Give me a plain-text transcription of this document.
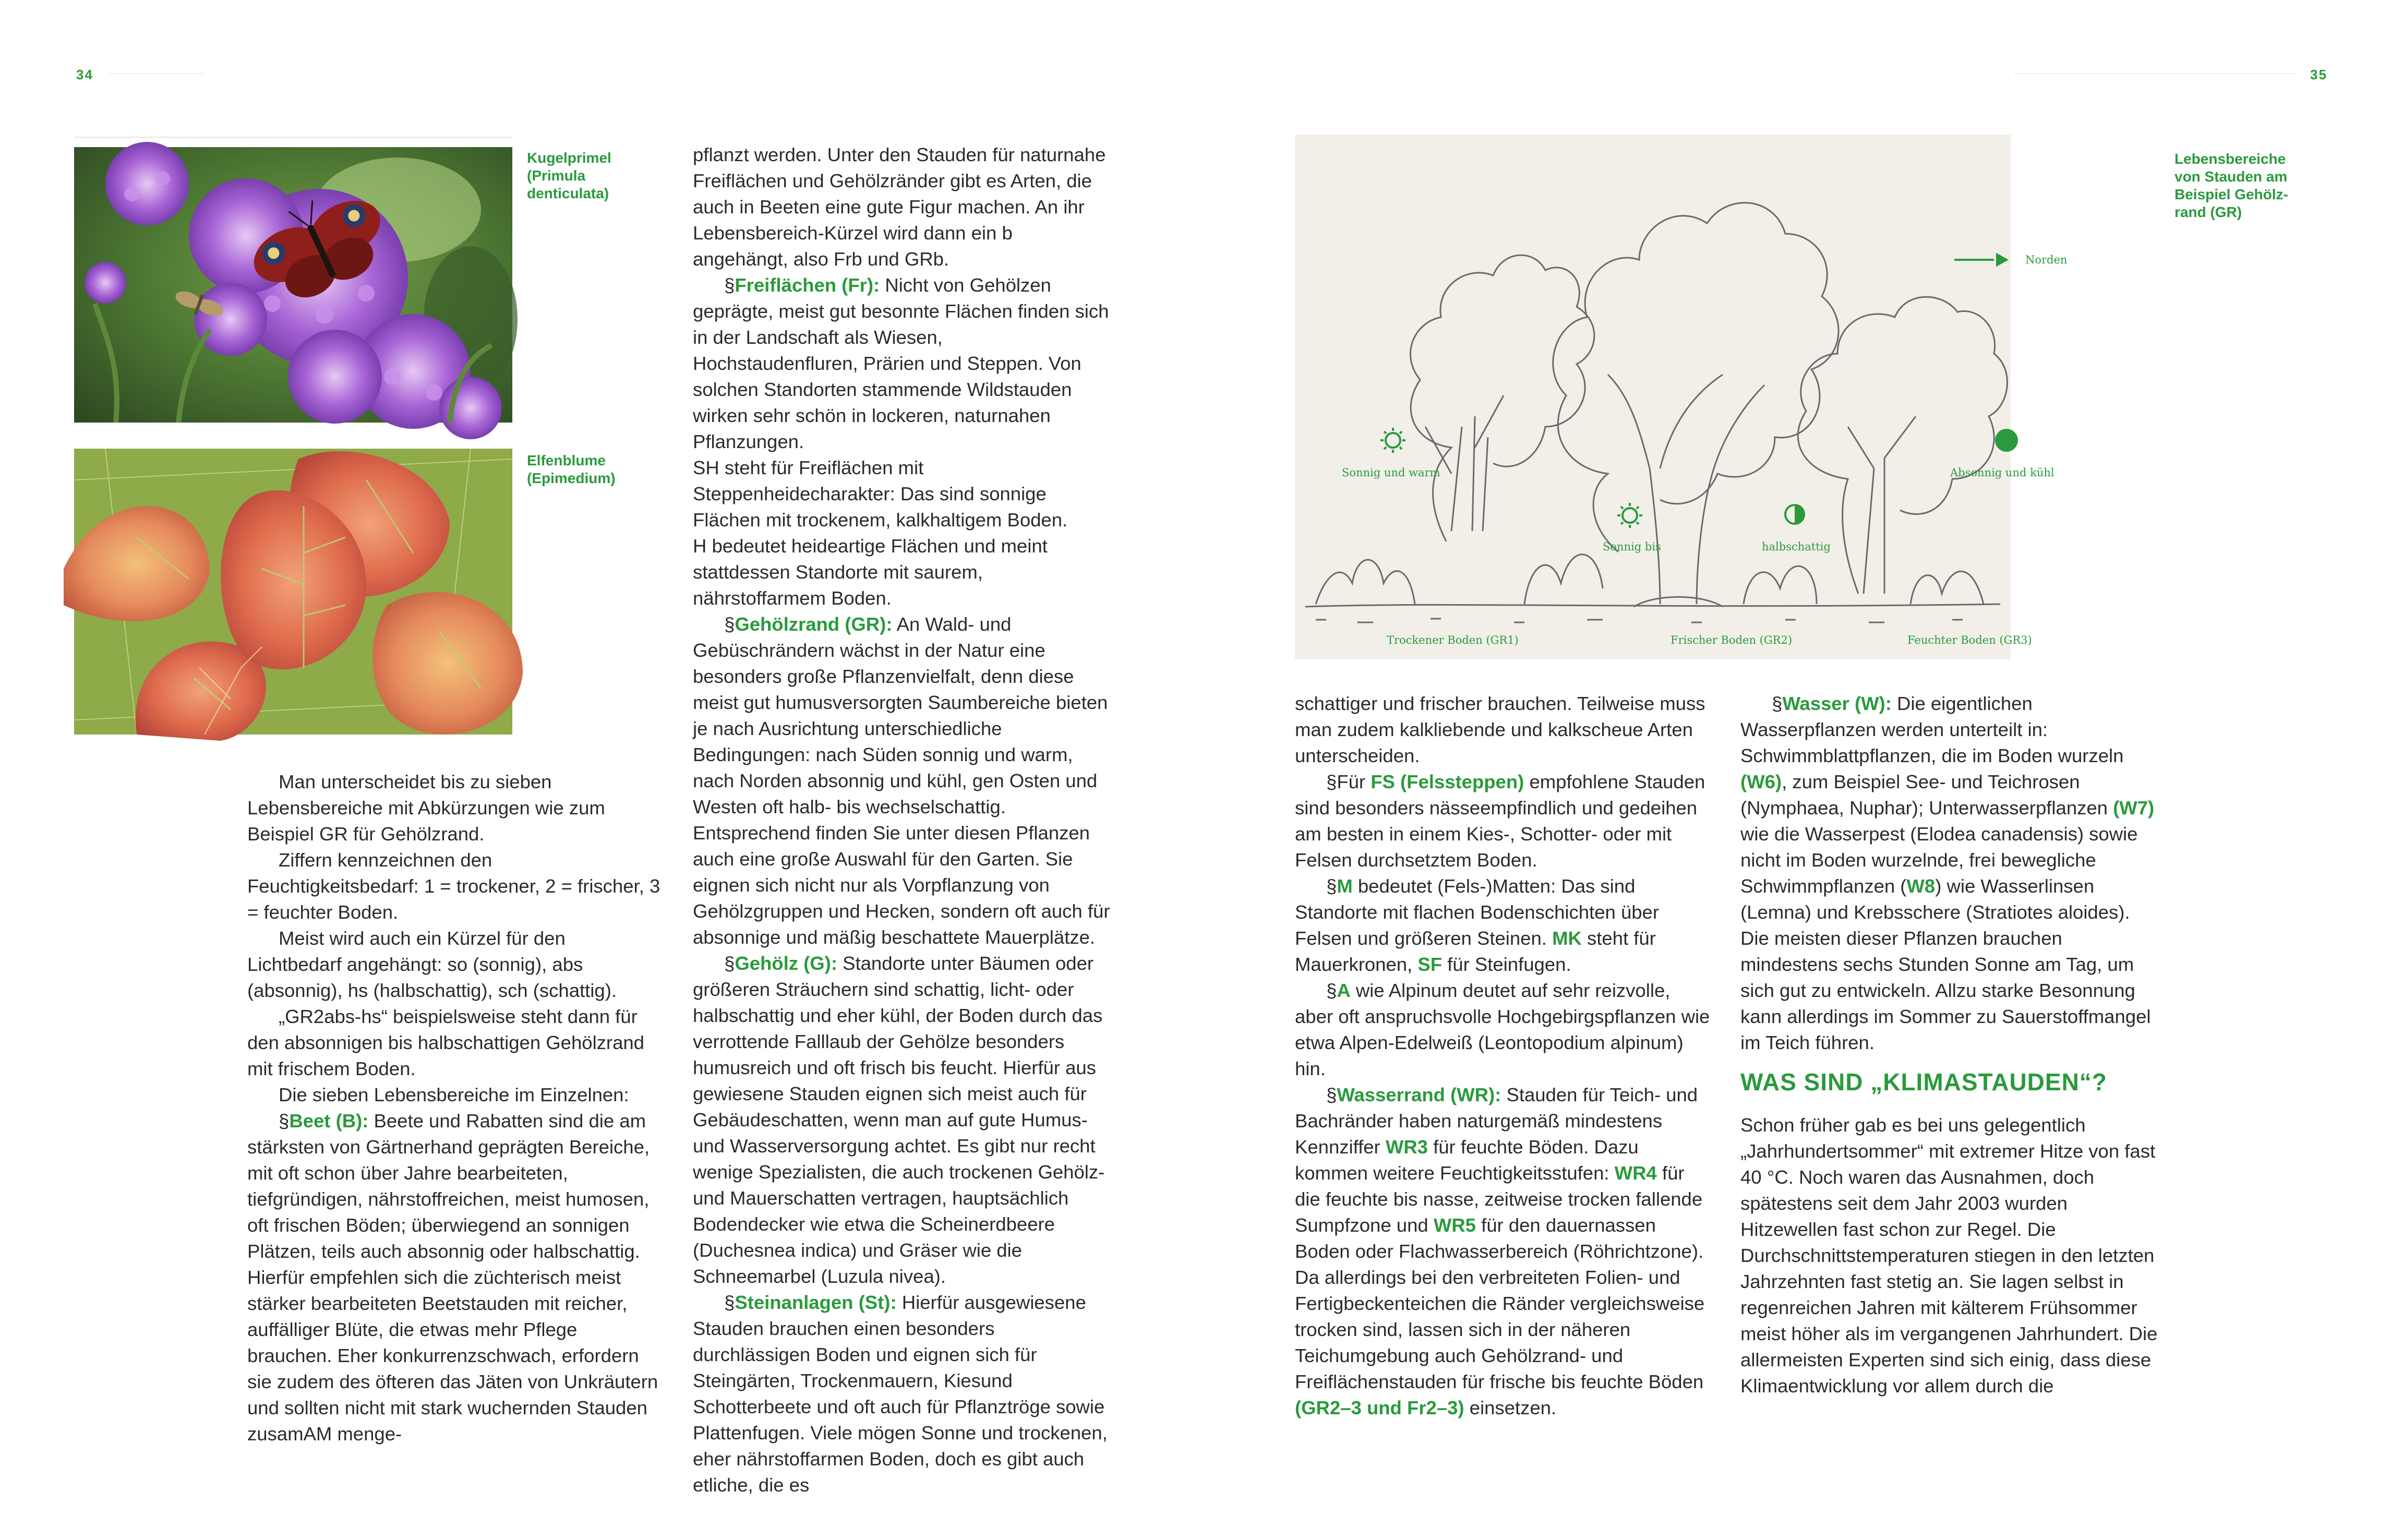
34	35
Kugelprimel
(Primula
denticulata)
Elfenblume
(Epimedium)
Norden
Sonnig und warm
Sonnig bis	halbschattig
Absonnig und kühl
Trockener Boden (GR1)	Frischer Boden (GR2)	Feuchter Boden (GR3)
Lebensbereiche
von Stauden am
Beispiel Gehölz-
rand (GR)

Man unterscheidet bis zu sieben Lebensbereiche mit Abkürzungen wie zum Beispiel GR für Gehölzrand.

Ziffern kennzeichnen den Feuchtigkeitsbedarf: 1 = trockener, 2 = frischer, 3 = feuchter Boden.

Meist wird auch ein Kürzel für den Lichtbedarf angehängt: so (sonnig), abs (absonnig), hs (halbschattig), sch (schattig).

„GR2abs-hs“ beispielsweise steht dann für den absonnigen bis halbschattigen Gehölzrand mit frischem Boden.

Die sieben Lebensbereiche im Einzelnen:

§Beet (B): Beete und Rabatten sind die am stärksten von Gärtnerhand geprägten Bereiche, mit oft schon über Jahre bearbeiteten, tiefgründigen, nährstoffreichen, meist humosen, oft frischen Böden; überwiegend an sonnigen Plätzen, teils auch absonnig oder halbschattig. Hierfür empfehlen sich die züchterisch meist stärker bearbeiteten Beetstauden mit reicher, auffälliger Blüte, die etwas mehr Pflege brauchen. Eher konkurrenzschwach, erfordern sie zudem des öfteren das Jäten von Unkräutern und sollten nicht mit stark wuchernden Stauden zusamAM menge-

pflanzt werden. Unter den Stauden für naturnahe Freiflächen und Gehölzränder gibt es Arten, die auch in Beeten eine gute Figur machen. An ihr Lebensbereich-Kürzel wird dann ein b angehängt, also Frb und GRb.

§Freiflächen (Fr): Nicht von Gehölzen geprägte, meist gut besonnte Flächen finden sich in der Landschaft als Wiesen, Hochstaudenfluren, Prärien und Steppen. Von solchen Standorten stammende Wildstauden wirken sehr schön in lockeren, naturnahen Pflanzungen.

SH steht für Freiflächen mit Steppenheidecharakter: Das sind sonnige Flächen mit trockenem, kalkhaltigem Boden.

H bedeutet heideartige Flächen und meint stattdessen Standorte mit saurem, nährstoffarmem Boden.

§Gehölzrand (GR): An Wald- und Gebüschrändern wächst in der Natur eine besonders große Pflanzenvielfalt, denn diese meist gut humusversorgten Saumbereiche bieten je nach Ausrichtung unterschiedliche Bedingungen: nach Süden sonnig und warm, nach Norden absonnig und kühl, gen Osten und Westen oft halb- bis wechselschattig. Entsprechend finden Sie unter diesen Pflanzen auch eine große Auswahl für den Garten. Sie eignen sich nicht nur als Vorpflanzung von Gehölzgruppen und Hecken, sondern oft auch für absonnige und mäßig beschattete Mauerplätze.

§Gehölz (G): Standorte unter Bäumen oder größeren Sträuchern sind schattig, licht- oder halbschattig und eher kühl, der Boden durch das verrottende Falllaub der Gehölze besonders humusreich und oft frisch bis feucht. Hierfür aus gewiesene Stauden eignen sich meist auch für Gebäudeschatten, wenn man auf gute Humus- und Wasserversorgung achtet. Es gibt nur recht wenige Spezialisten, die auch trockenen Gehölz- und Mauerschatten vertragen, hauptsächlich Bodendecker wie etwa die Scheinerdbeere (Duchesnea indica) und Gräser wie die Schneemarbel (Luzula nivea).

§Steinanlagen (St): Hierfür ausgewiesene Stauden brauchen einen besonders durchlässigen Boden und eignen sich für Steingärten, Trockenmauern, Kiesund Schotterbeete und oft auch für Pflanztröge sowie Plattenfugen. Viele mögen Sonne und trockenen, eher nährstoffarmen Boden, doch es gibt auch etliche, die es

schattiger und frischer brauchen. Teilweise muss man zudem kalkliebende und kalkscheue Arten unterscheiden.

§Für FS (Felssteppen) empfohlene Stauden sind besonders nässeempfindlich und gedeihen am besten in einem Kies-, Schotter- oder mit Felsen durchsetztem Boden.

§M bedeutet (Fels-)Matten: Das sind Standorte mit flachen Bodenschichten über Felsen und größeren Steinen. MK steht für Mauerkronen, SF für Steinfugen.

§A wie Alpinum deutet auf sehr reizvolle, aber oft anspruchsvolle Hochgebirgspflanzen wie etwa Alpen-Edelweiß (Leontopodium alpinum) hin.

§Wasserrand (WR): Stauden für Teich- und Bachränder haben naturgemäß mindestens Kennziffer WR3 für feuchte Böden. Dazu kommen weitere Feuchtigkeitsstufen: WR4 für die feuchte bis nasse, zeitweise trocken fallende Sumpfzone und WR5 für den dauernassen Boden oder Flachwasserbereich (Röhrichtzone). Da allerdings bei den verbreiteten Folien- und Fertigbeckenteichen die Ränder vergleichsweise trocken sind, lassen sich in der näheren Teichumgebung auch Gehölzrand- und Freiflächenstauden für frische bis feuchte Böden (GR2–3 und Fr2–3) einsetzen.

§Wasser (W): Die eigentlichen Wasserpflanzen werden unterteilt in: Schwimmblattpflanzen, die im Boden wurzeln (W6), zum Beispiel See- und Teichrosen (Nymphaea, Nuphar); Unterwasserpflanzen (W7) wie die Wasserpest (Elodea canadensis) sowie nicht im Boden wurzelnde, frei bewegliche Schwimmpflanzen (W8) wie Wasserlinsen (Lemna) und Krebsschere (Stratiotes aloides). Die meisten dieser Pflanzen brauchen mindestens sechs Stunden Sonne am Tag, um sich gut zu entwickeln. Allzu starke Besonnung kann allerdings im Sommer zu Sauerstoffmangel im Teich führen.

WAS SIND „KLIMASTAUDEN“?

Schon früher gab es bei uns gelegentlich „Jahrhundertsommer“ mit extremer Hitze von fast 40 °C. Noch waren das Ausnahmen, doch spätestens seit dem Jahr 2003 wurden Hitzewellen fast schon zur Regel. Die Durchschnittstemperaturen stiegen in den letzten Jahrzehnten fast stetig an. Sie lagen selbst in regenreichen Jahren mit kälterem Frühsommer meist höher als im vergangenen Jahrhundert. Die allermeisten Experten sind sich einig, dass diese Klimaentwicklung vor allem durch die
